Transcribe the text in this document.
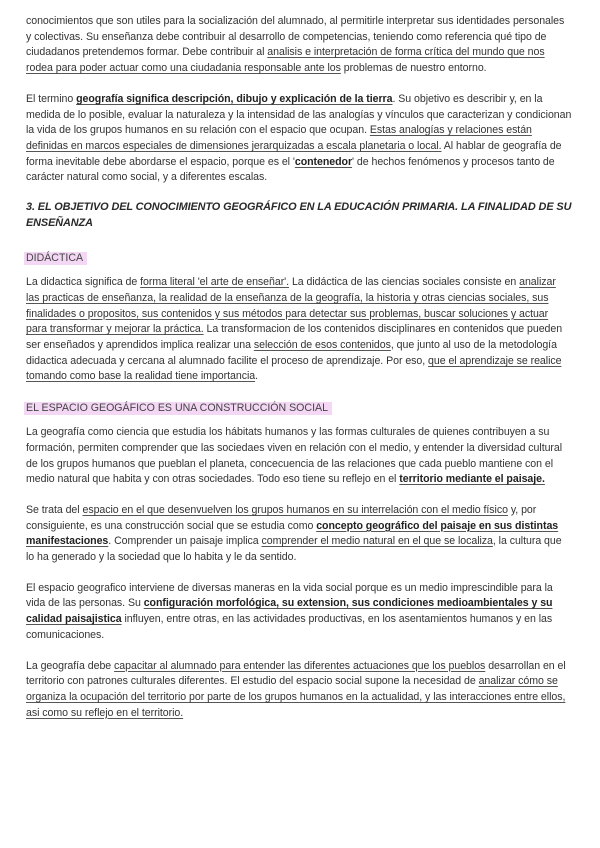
conocimientos que son utiles para la socialización del alumnado, al permitirle interpretar sus identidades personales y colectivas. Su enseñanza debe contribuir al desarrollo de competencias, teniendo como referencia qué tipo de ciudadanos pretendemos formar. Debe contribuir al analisis e interpretación de forma crítica del mundo que nos rodea para poder actuar como una ciudadania responsable ante los problemas de nuestro entorno.

El termino geografía significa descripción, dibujo y explicación de la tierra. Su objetivo es describir y, en la medida de lo posible, evaluar la naturaleza y la intensidad de las analogías y vínculos que caracterizan y condicionan la vida de los grupos humanos en su relación con el espacio que ocupan. Estas analogías y relaciones están definidas en marcos especiales de dimensiones jerarquizadas a escala planetaria o local. Al hablar de geografía de forma inevitable debe abordarse el espacio, porque es el 'contenedor' de hechos fenómenos y procesos tanto de carácter natural como social, y a diferentes escalas.

3. EL OBJETIVO DEL CONOCIMIENTO GEOGRÁFICO EN LA EDUCACIÓN PRIMARIA. LA FINALIDAD DE SU ENSEÑANZA

DIDÁCTICA

La didactica significa de forma literal 'el arte de enseñar'. La didáctica de las ciencias sociales consiste en analizar las practicas de enseñanza, la realidad de la enseñanza de la geografía, la historia y otras ciencias sociales, sus finalidades o propositos, sus contenidos y sus métodos para detectar sus problemas, buscar soluciones y actuar para transformar y mejorar la práctica. La transformacion de los contenidos disciplinares en contenidos que pueden ser enseñados y aprendidos implica realizar una selección de esos contenidos, que junto al uso de la metodología didactica adecuada y cercana al alumnado facilite el proceso de aprendizaje. Por eso, que el aprendizaje se realice tomando como base la realidad tiene importancia.

EL ESPACIO GEOGÁFICO ES UNA CONSTRUCCIÓN SOCIAL

La geografía como ciencia que estudia los hábitats humanos y las formas culturales de quienes contribuyen a su formación, permiten comprender que las sociedaes viven en relación con el medio, y entender la diversidad cultural de los grupos humanos que pueblan el planeta, concecuencia de las relaciones que cada pueblo mantiene con el medio natural que habita y con otras sociedades. Todo eso tiene su reflejo en el territorio mediante el paisaje.

Se trata del espacio en el que desenvuelven los grupos humanos en su interrelación con el medio físico y, por consiguiente, es una construcción social que se estudia como concepto geográfico del paisaje en sus distintas manifestaciones. Comprender un paisaje implica comprender el medio natural en el que se localiza, la cultura que lo ha generado y la sociedad que lo habita y le da sentido.

El espacio geografico interviene de diversas maneras en la vida social porque es un medio imprescindible para la vida de las personas. Su configuración morfológica, su extension, sus condiciones medioambientales y su calidad paisajistica influyen, entre otras, en las actividades productivas, en los asentamientos humanos y en las comunicaciones.

La geografía debe capacitar al alumnado para entender las diferentes actuaciones que los pueblos desarrollan en el territorio con patrones culturales diferentes. El estudio del espacio social supone la necesidad de analizar cómo se organiza la ocupación del territorio por parte de los grupos humanos en la actualidad, y las interacciones entre ellos, asi como su reflejo en el territorio.
